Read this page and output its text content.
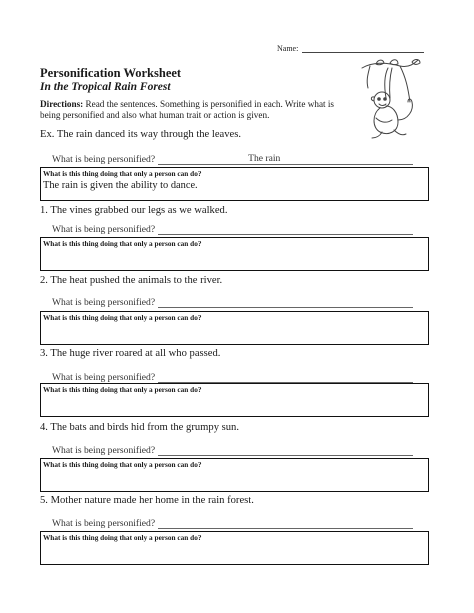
Name:
Personification Worksheet
In the Tropical Rain Forest
Directions: Read the sentences. Something is personified in each. Write what is being personified and also what human trait or action is given.
Ex. The rain danced its way through the leaves.
What is being personified?	The rain
What is this thing doing that only a person can do?
The rain is given the ability to dance.
1. The vines grabbed our legs as we walked.
What is being personified?
What is this thing doing that only a person can do?
2. The heat pushed the animals to the river.
What is being personified?
What is this thing doing that only a person can do?
3. The huge river roared at all who passed.
What is being personified?
What is this thing doing that only a person can do?
4. The bats and birds hid from the grumpy sun.
What is being personified?
What is this thing doing that only a person can do?
5. Mother nature made her home in the rain forest.
What is being personified?
What is this thing doing that only a person can do?
